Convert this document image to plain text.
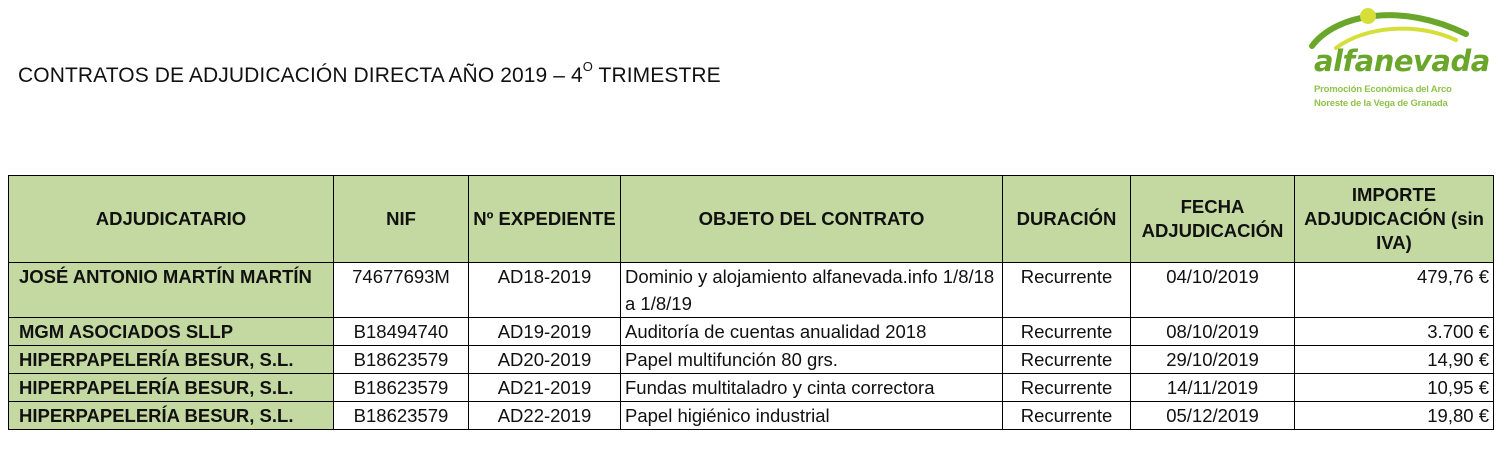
CONTRATOS DE ADJUDICACIÓN DIRECTA AÑO $2019 - 4^O$ TRIMESTRE	alfanevada
Promoción Económica del Arco
Noreste de la Vega de Granada
ADJUDICATARIO	NIF	Nº EXPEDIENTE	OBJETO DEL CONTRATO	DURACIÓN	FECHA ADJUDICACIÓN	IMPORTE ADJUDICACIÓN (sin IVA)
JOSÉ ANTONIO MARTÍN MARTÍN	74677693M	AD18-2019	Dominio y alojamiento alfanevada.info 1/8/18 a 1/8/19	Recurrente	04/10/2019	479,76 €
MGM ASOCIADOS SLLP	B18494740	AD19-2019	Auditoría de cuentas anualidad 2018	Recurrente	08/10/2019	3.700 €
HIPERPAPELERÍA BESUR, S.L.	B18623579	AD20-2019	Papel multifunción 80 grs.	Recurrente	29/10/2019	14,90 €
HIPERPAPELERÍA BESUR, S.L.	B18623579	AD21-2019	Fundas multitaladro y cinta correctora	Recurrente	14/11/2019	10,95 €
HIPERPAPELERÍA BESUR, S.L.	B18623579	AD22-2019	Papel higiénico industrial	Recurrente	05/12/2019	19,80 €
